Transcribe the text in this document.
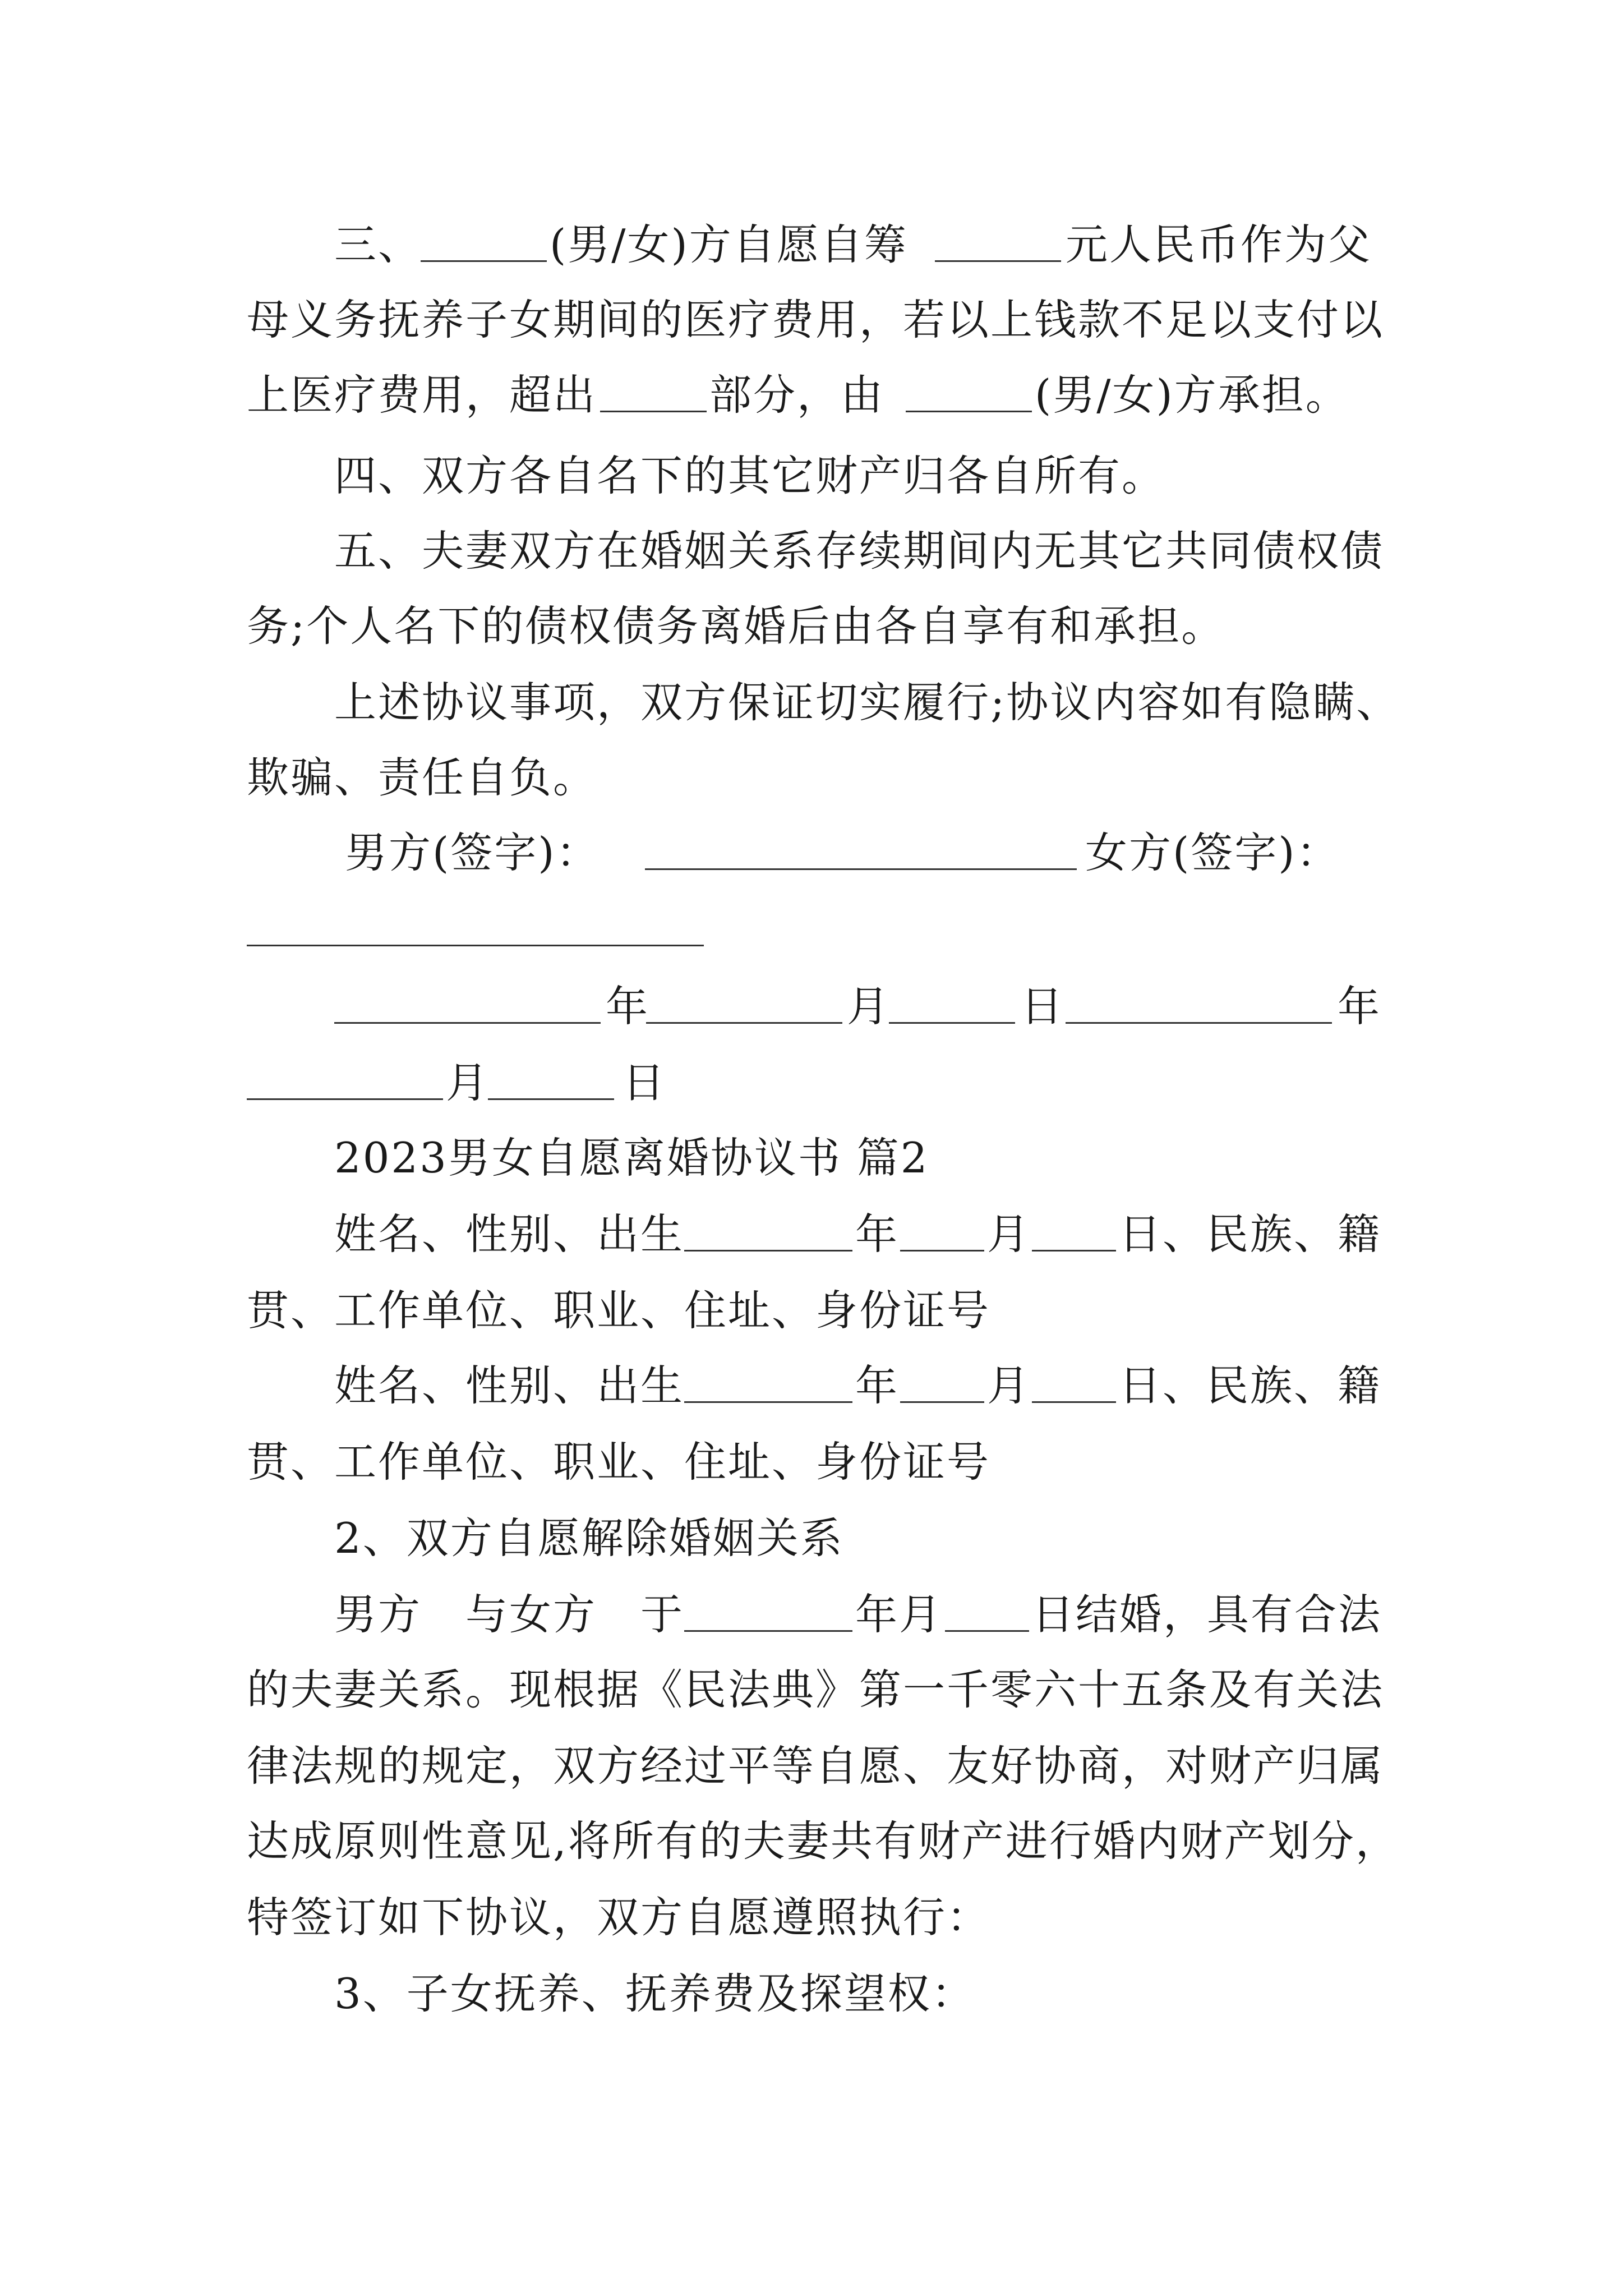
三、	(男/女)方自愿自筹	元人民币作为父
母义务抚养子女期间的医疗费用，若以上钱款不足以支付以
上医疗费用，超出	部分，由	(男/女)方承担。
四、双方各自名下的其它财产归各自所有。
五、夫妻双方在婚姻关系存续期间内无其它共同债权债
务;个人名下的债权债务离婚后由各自享有和承担。
上述协议事项，双方保证切实履行;协议内容如有隐瞒、
欺骗、责任自负。
男方(签字)：	女方(签字)：
年	月	日	年
月	日
2023男女自愿离婚协议书 篇2
姓名、性别、出生	年 月 日、民族、籍
贯、工作单位、职业、住址、身份证号
姓名、性别、出生	年 月 日、民族、籍
贯、工作单位、职业、住址、身份证号
2、双方自愿解除婚姻关系
男方　与女方　于	年月 日结婚，具有合法
的夫妻关系。现根据《民法典》第一千零六十五条及有关法
律法规的规定，双方经过平等自愿、友好协商，对财产归属
达成原则性意见,将所有的夫妻共有财产进行婚内财产划分，
特签订如下协议，双方自愿遵照执行：
3、子女抚养、抚养费及探望权：
